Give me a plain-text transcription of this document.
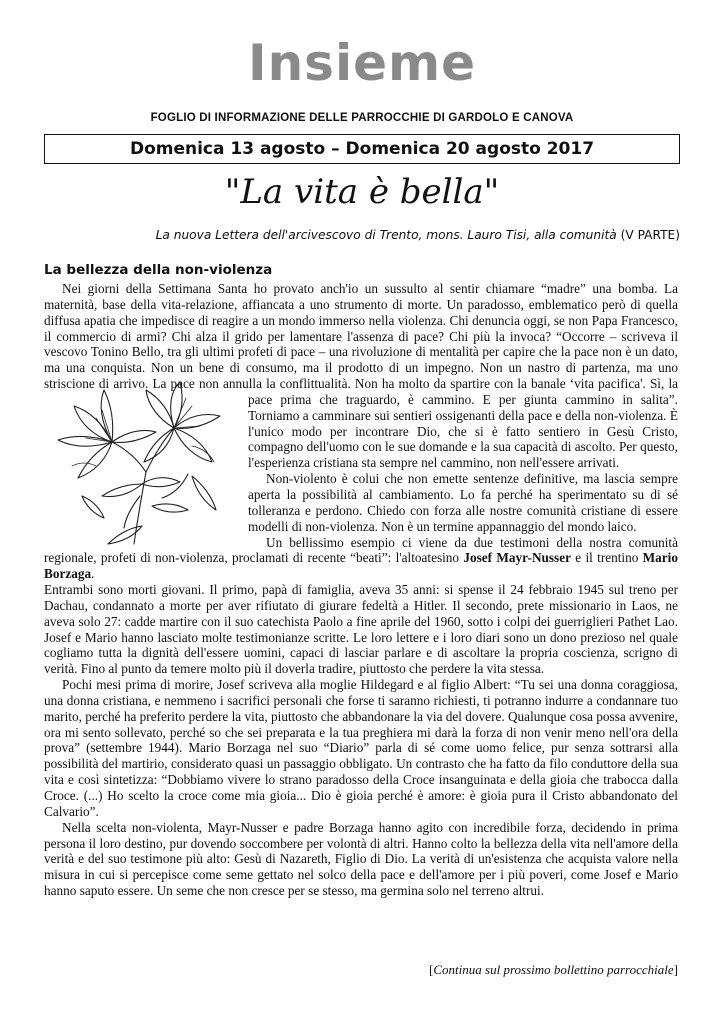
Insieme
FOGLIO DI INFORMAZIONE DELLE PARROCCHIE DI GARDOLO E CANOVA
Domenica 13 agosto – Domenica 20 agosto 2017
"La vita è bella"
La nuova Lettera dell'arcivescovo di Trento, mons. Lauro Tisi, alla comunità (V PARTE)
La bellezza della non-violenza

Nei giorni della Settimana Santa ho provato anch'io un sussulto al sentir chiamare “madre” una bomba. La maternità, base della vita-relazione, affiancata a uno strumento di morte. Un paradosso, emblematico però di quella diffusa apatia che impedisce di reagire a un mondo immerso nella violenza. Chi denuncia oggi, se non Papa Francesco, il commercio di armi? Chi alza il grido per lamentare l'assenza di pace? Chi più la invoca? “Occorre – scriveva il vescovo Tonino Bello, tra gli ultimi profeti di pace – una rivoluzione di mentalità per capire che la pace non è un dato, ma una conquista. Non un bene di consumo, ma il prodotto di un impegno. Non un nastro di partenza, ma uno striscione di arrivo. La pace non annulla la conflittualità. Non ha molto da
spartire con la banale ‘vita pacifica'. Sì, la pace prima che traguardo, è cammino. E per giunta cammino in salita”. Torniamo a camminare sui sentieri ossigenanti della pace e della non-violenza. È l'unico modo per incontrare Dio, che si è fatto sentiero in Gesù Cristo, compagno dell'uomo con le sue domande e la sua capacità di ascolto. Per questo, l'esperienza cristiana sta sempre nel cammino, non nell'essere arrivati.

Non-violento è colui che non emette sentenze definitive, ma lascia sempre aperta la possibilità al cambiamento. Lo fa perché ha sperimentato su di sé tolleranza e perdono. Chiedo con forza alle nostre comunità cristiane di essere modelli di non-violenza. Non è un termine appannaggio del mondo laico.

Un bellissimo esempio ci viene da due testimoni della nostra comunità regionale, profeti di non-violenza, proclamati di recente “beati”: l'altoatesino Josef Mayr-Nusser e il trentino Mario Borzaga.

Entrambi sono morti giovani. Il primo, papà di famiglia, aveva 35 anni: si spense il 24 febbraio 1945 sul treno per Dachau, condannato a morte per aver rifiutato di giurare fedeltà a Hitler. Il secondo, prete missionario in Laos, ne aveva solo 27: cadde martire con il suo catechista Paolo a fine aprile del 1960, sotto i colpi dei guerriglieri Pathet Lao. Josef e Mario hanno lasciato molte testimonianze scritte. Le loro lettere e i loro diari sono un dono prezioso nel quale cogliamo tutta la dignità dell'essere uomini, capaci di lasciar parlare e di ascoltare la propria coscienza, scrigno di verità. Fino al punto da temere molto più il doverla tradire, piuttosto che perdere la vita stessa.

Pochi mesi prima di morire, Josef scriveva alla moglie Hildegard e al figlio Albert: “Tu sei una donna coraggiosa, una donna cristiana, e nemmeno i sacrifici personali che forse ti saranno richiesti, ti potranno indurre a condannare tuo marito, perché ha preferito perdere la vita, piuttosto che abbandonare la via del dovere. Qualunque cosa possa avvenire, ora mi sento sollevato, perché so che sei preparata e la tua preghiera mi darà la forza di non venir meno nell'ora della prova” (settembre 1944). Mario Borzaga nel suo “Diario” parla di sé come uomo felice, pur senza sottrarsi alla possibilità del martirio, considerato quasi un passaggio obbligato. Un contrasto che ha fatto da filo conduttore della sua vita e così sintetizza: “Dobbiamo vivere lo strano paradosso della Croce insanguinata e della gioia che trabocca dalla Croce. (...) Ho scelto la croce come mia gioia... Dio è gioia perché è amore: è gioia pura il Cristo abbandonato del Calvario”.

Nella scelta non-violenta, Mayr-Nusser e padre Borzaga hanno agito con incredibile forza, decidendo in prima persona il loro destino, pur dovendo soccombere per volontà di altri. Hanno colto la bellezza della vita nell'amore della verità e del suo testimone più alto: Gesù di Nazareth, Figlio di Dio. La verità di un'esistenza che acquista valore nella misura in cui si percepisce come seme gettato nel solco della pace e dell'amore per i più poveri, come Josef e Mario hanno saputo essere. Un seme che non cresce per se stesso, ma germina solo nel terreno altrui.

[Continua sul prossimo bollettino parrocchiale]
